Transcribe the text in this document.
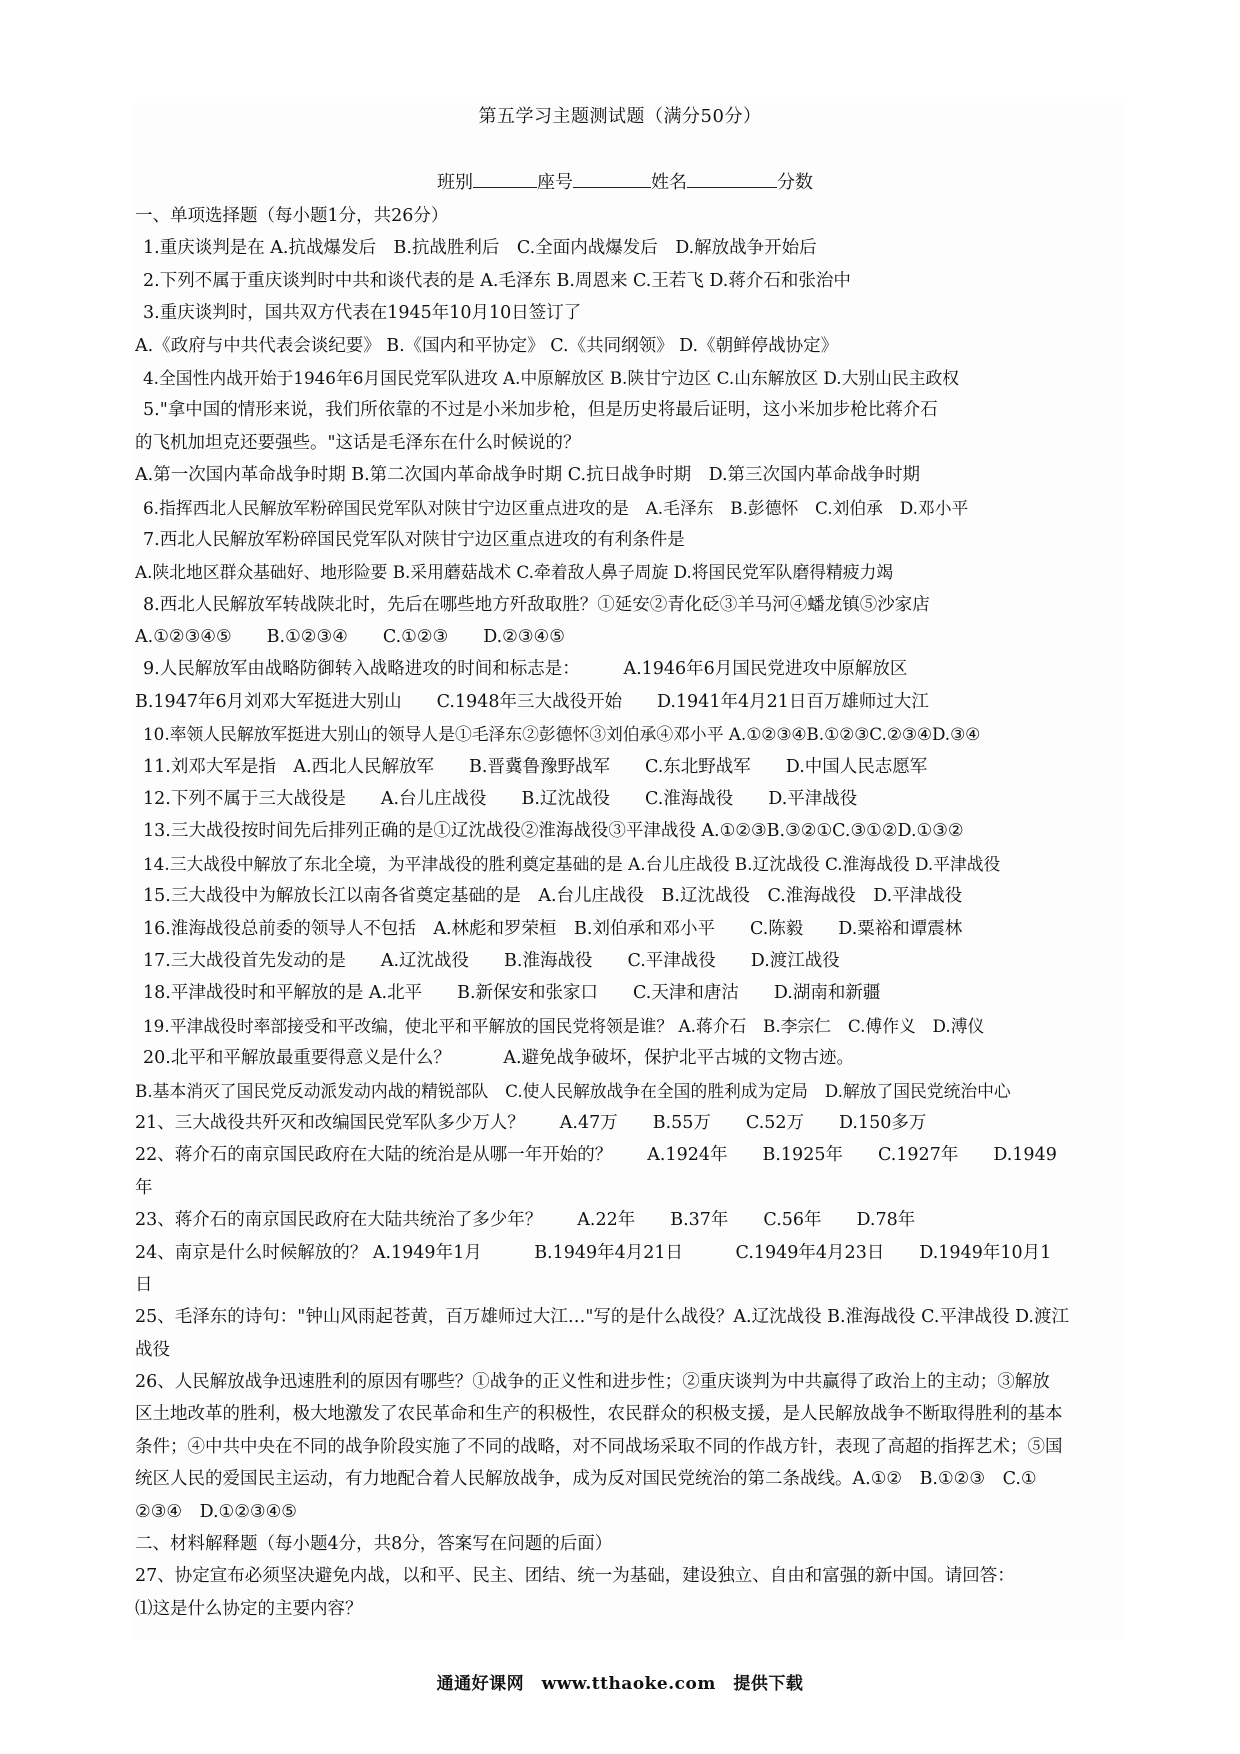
第五学习主题测试题（满分50分）
班别	座号	姓名	分数
一、单项选择题（每小题1分，共26分）
1.重庆谈判是在 A.抗战爆发后　B.抗战胜利后　C.全面内战爆发后　D.解放战争开始后
2.下列不属于重庆谈判时中共和谈代表的是 A.毛泽东 B.周恩来 C.王若飞 D.蒋介石和张治中
3.重庆谈判时，国共双方代表在1945年10月10日签订了
A.《政府与中共代表会谈纪要》 B.《国内和平协定》 C.《共同纲领》 D.《朝鲜停战协定》
4.全国性内战开始于1946年6月国民党军队进攻 A.中原解放区 B.陕甘宁边区 C.山东解放区 D.大别山民主政权
5."拿中国的情形来说，我们所依靠的不过是小米加步枪，但是历史将最后证明，这小米加步枪比蒋介石
的飞机加坦克还要强些。"这话是毛泽东在什么时候说的？
A.第一次国内革命战争时期 B.第二次国内革命战争时期 C.抗日战争时期　D.第三次国内革命战争时期
6.指挥西北人民解放军粉碎国民党军队对陕甘宁边区重点进攻的是　A.毛泽东　B.彭德怀　C.刘伯承　D.邓小平
7.西北人民解放军粉碎国民党军队对陕甘宁边区重点进攻的有利条件是
A.陕北地区群众基础好、地形险要 B.采用蘑菇战术 C.牵着敌人鼻子周旋 D.将国民党军队磨得精疲力竭
8.西北人民解放军转战陕北时，先后在哪些地方歼敌取胜？①延安②青化砭③羊马河④蟠龙镇⑤沙家店
A.①②③④⑤　　B.①②③④　　C.①②③　　D.②③④⑤
9.人民解放军由战略防御转入战略进攻的时间和标志是：　　　A.1946年6月国民党进攻中原解放区
B.1947年6月刘邓大军挺进大别山　　C.1948年三大战役开始　　D.1941年4月21日百万雄师过大江
10.率领人民解放军挺进大别山的领导人是①毛泽东②彭德怀③刘伯承④邓小平 A.①②③④B.①②③C.②③④D.③④
11.刘邓大军是指　A.西北人民解放军　　B.晋冀鲁豫野战军　　C.东北野战军　　D.中国人民志愿军
12.下列不属于三大战役是　　A.台儿庄战役　　B.辽沈战役　　C.淮海战役　　D.平津战役
13.三大战役按时间先后排列正确的是①辽沈战役②淮海战役③平津战役 A.①②③B.③②①C.③①②D.①③②
14.三大战役中解放了东北全境，为平津战役的胜利奠定基础的是 A.台儿庄战役 B.辽沈战役 C.淮海战役 D.平津战役
15.三大战役中为解放长江以南各省奠定基础的是　A.台儿庄战役　B.辽沈战役　C.淮海战役　D.平津战役
16.淮海战役总前委的领导人不包括　A.林彪和罗荣桓　B.刘伯承和邓小平　　C.陈毅　　D.粟裕和谭震林
17.三大战役首先发动的是　　A.辽沈战役　　B.淮海战役　　C.平津战役　　D.渡江战役
18.平津战役时和平解放的是 A.北平　　B.新保安和张家口　　C.天津和唐沽　　D.湖南和新疆
19.平津战役时率部接受和平改编，使北平和平解放的国民党将领是谁？ A.蒋介石　B.李宗仁　C.傅作义　D.溥仪
20.北平和平解放最重要得意义是什么？　　　A.避免战争破坏，保护北平古城的文物古迹。
B.基本消灭了国民党反动派发动内战的精锐部队　C.使人民解放战争在全国的胜利成为定局　D.解放了国民党统治中心
21、三大战役共歼灭和改编国民党军队多少万人？　　A.47万　　B.55万　　C.52万　　D.150多万
22、蒋介石的南京国民政府在大陆的统治是从哪一年开始的？　　A.1924年　　B.1925年　　C.1927年　　D.1949
年
23、蒋介石的南京国民政府在大陆共统治了多少年？　　A.22年　　B.37年　　C.56年　　D.78年
24、南京是什么时候解放的？ A.1949年1月　　　B.1949年4月21日　　　C.1949年4月23日　　D.1949年10月1
日
25、毛泽东的诗句："钟山风雨起苍黄，百万雄师过大江…"写的是什么战役？A.辽沈战役 B.淮海战役 C.平津战役 D.渡江
战役
26、人民解放战争迅速胜利的原因有哪些？①战争的正义性和进步性；②重庆谈判为中共赢得了政治上的主动；③解放
区土地改革的胜利，极大地激发了农民革命和生产的积极性，农民群众的积极支援，是人民解放战争不断取得胜利的基本
条件；④中共中央在不同的战争阶段实施了不同的战略，对不同战场采取不同的作战方针，表现了高超的指挥艺术；⑤国
统区人民的爱国民主运动，有力地配合着人民解放战争，成为反对国民党统治的第二条战线。A.①②　B.①②③　C.①
②③④　D.①②③④⑤
二、材料解释题（每小题4分，共8分，答案写在问题的后面）
27、协定宣布必须坚决避免内战，以和平、民主、团结、统一为基础，建设独立、自由和富强的新中国。请回答：
⑴这是什么协定的主要内容？
通通好课网　www.tthaoke.com　提供下载
